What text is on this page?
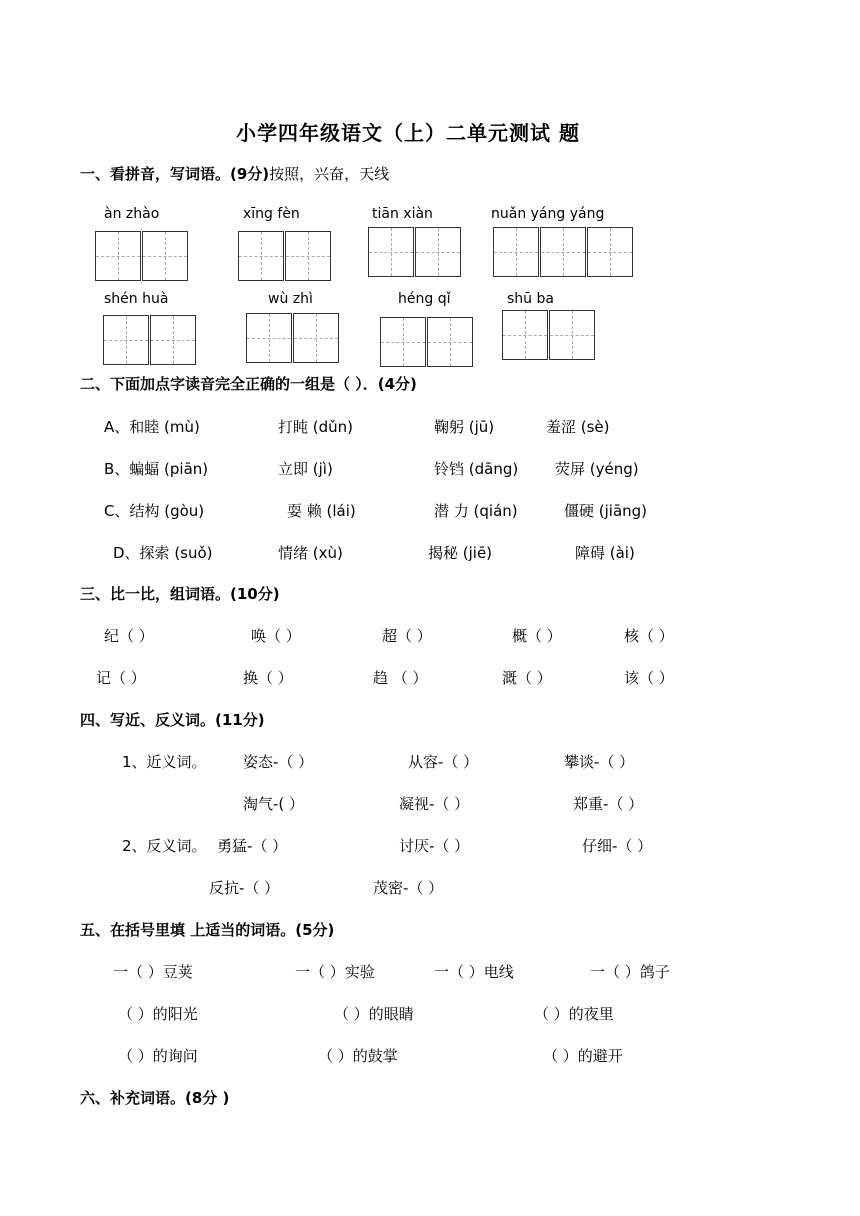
小学四年级语文（上）二单元测试 题
一、看拼音，写词语。(9分)按照，兴奋，天线
àn zhào	xīng fèn	tiān xiàn	nuǎn yáng yáng
shén huà	wù zhì	héng qǐ	shū ba
二、下面加点字读音完全正确的一组是（ ）．(4分)
A、和睦 (mù)	打盹 (dǔn)	鞠躬 (jū)	羞涩 (sè)
B、蝙蝠 (piān)	立即 (jì)	铃铛 (dāng) 荧屏 (yéng)
C、结构 (gòu)	耍 赖 (lái)	潜 力 (qián)	僵硬 (jiāng)
D、探索 (suǒ)	情绪 (xù)	揭秘 (jiē)	障碍 (ài)
三、比一比，组词语。(10分)
纪（ ）	唤（ ）	超（ ）	概（ ）	核（ ）
记（ ）	换（ ）	趋 （ ）	溉（ ）	该（ ）
四、写近、反义词。(11分)
1、近义词。 姿态-（ ）	从容-（ ）	攀谈-（ ）
淘气-( ）	凝视-（ ）	郑重-（ ）
2、反义词。 勇猛-（ ）	讨厌-（ ）	仔细-（ ）
反抗-（ ）	茂密-（ ）
五、在括号里填 上适当的词语。(5分)
一（ ）豆荚	一（ ）实验	一（ ）电线	一（ ）鸽子
（ ）的阳光	（ ）的眼睛	（ ）的夜里
（ ）的询问	（ ）的鼓掌	（ ）的避开
六、补充词语。(8分 )
